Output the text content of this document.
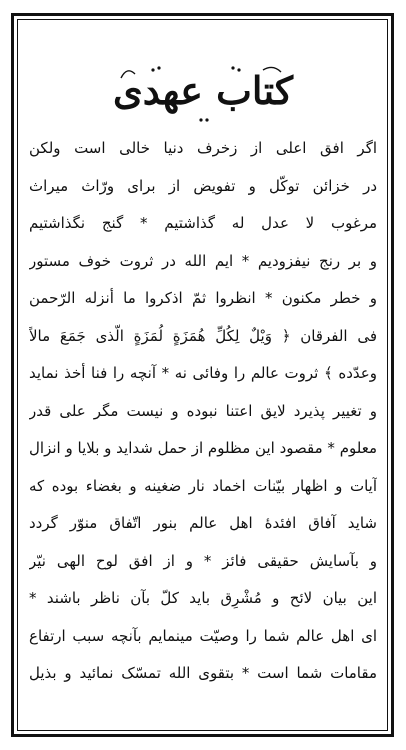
کتاب عهدی
اگر افق اعلی از زخرف دنیا خالی است ولکن
در خزائن توکّل و تفویض از برای ورّاث میراث
مرغوب لا عدل له گذاشتیم * گنج نگذاشتیم
و بر رنج نیفزودیم * ایم الله در ثروت خوف مستور
و خطر مکنون * انظروا ثمّ اذکروا ما أنزله الرّحمن
فی الفرقان ﴿ وَیْلٌ لِکُلِّ هُمَزَةٍ لُمَزَةٍ الّذی جَمَعَ مالاً
وعدّده ﴾ ثروت عالم را وفائی نه * آنچه را فنا أخذ نماید
و تغییر پذیرد لایق اعتنا نبوده و نیست مگر علی قدر
معلوم * مقصود این مظلوم از حمل شداید و بلایا و انزال
آیات و اظهار بیّنات اخماد نار ضغینه و بغضاء بوده که
شاید آفاق افئدهٔ اهل عالم بنور اتّفاق منوّر گردد
و بآسایش حقیقی فائز * و از افق لوح الهی نیّر
این بیان لائح و مُشْرِق باید کلّ بآن ناظر باشند *
ای اهل عالم شما را وصیّت مینمایم بآنچه سبب ارتفاع
مقامات شما است * بتقوی الله تمسّک نمائید و بذیل
